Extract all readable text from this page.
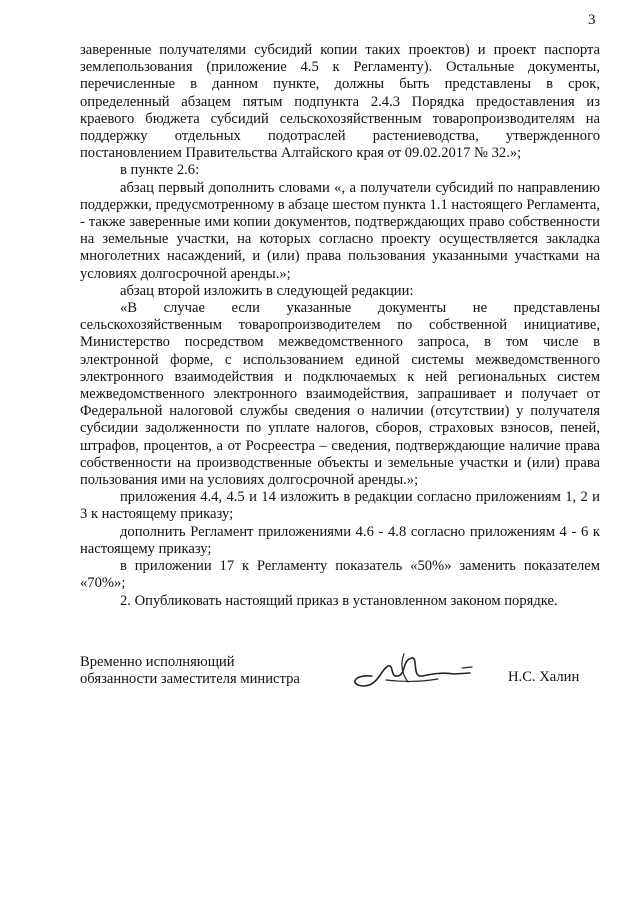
3

заверенные получателями субсидий копии таких проектов) и проект паспорта землепользования (приложение 4.5 к Регламенту). Остальные документы, перечисленные в данном пункте, должны быть представлены в срок, определенный абзацем пятым подпункта 2.4.3 Порядка предоставления из краевого бюджета субсидий сельскохозяйственным товаропроизводителям на поддержку отдельных подотраслей растениеводства, утвержденного постановлением Правительства Алтайского края от 09.02.2017 № 32.»;

в пункте 2.6:

абзац первый дополнить словами «, а получатели субсидий по направлению поддержки, предусмотренному в абзаце шестом пункта 1.1 настоящего Регламента, - также заверенные ими копии документов, подтверждающих право собственности на земельные участки, на которых согласно проекту осуществляется закладка многолетних насаждений, и (или) права пользования указанными участками на условиях долгосрочной аренды.»;

абзац второй изложить в следующей редакции:

«В случае если указанные документы не представлены сельскохозяйственным товаропроизводителем по собственной инициативе, Министерство посредством межведомственного запроса, в том числе в электронной форме, с использованием единой системы межведомственного электронного взаимодействия и подключаемых к ней региональных систем межведомственного электронного взаимодействия, запрашивает и получает от Федеральной налоговой службы сведения о наличии (отсутствии) у получателя субсидии задолженности по уплате налогов, сборов, страховых взносов, пеней, штрафов, процентов, а от Росреестра – сведения, подтверждающие наличие права собственности на производственные объекты и земельные участки и (или) права пользования ими на условиях долгосрочной аренды.»;

приложения 4.4, 4.5 и 14 изложить в редакции согласно приложениям 1, 2 и 3 к настоящему приказу;

дополнить Регламент приложениями 4.6 - 4.8 согласно приложениям 4 - 6 к настоящему приказу;

в приложении 17 к Регламенту показатель «50%» заменить показателем «70%»;

2. Опубликовать настоящий приказ в установленном законом порядке.

Временно исполняющий
обязанности заместителя министра	Н.С. Халин
